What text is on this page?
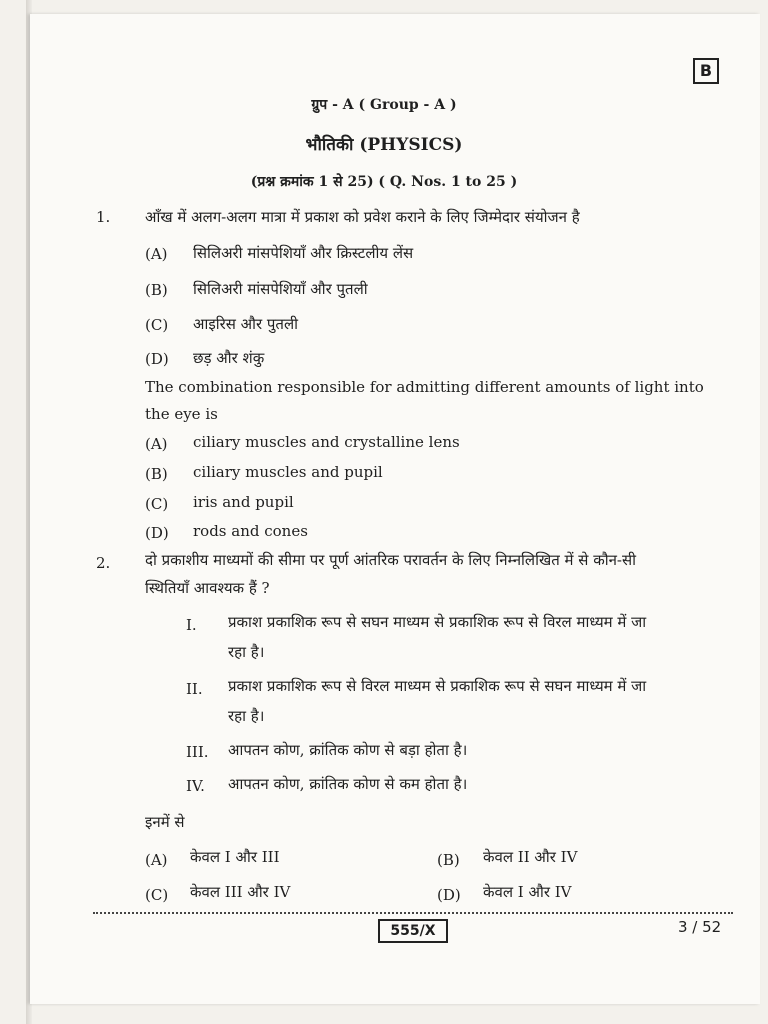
B
ग्रुप - A ( Group - A )
भौतिकी (PHYSICS)
(प्रश्न क्रमांक 1 से 25) ( Q. Nos. 1 to 25 )
1. आँख में अलग-अलग मात्रा में प्रकाश को प्रवेश कराने के लिए जिम्मेदार संयोजन है
(A) सिलिअरी मांसपेशियाँ और क्रिस्टलीय लेंस
(B) सिलिअरी मांसपेशियाँ और पुतली
(C) आइरिस और पुतली
(D) छड़ और शंकु
The combination responsible for admitting different amounts of light into
the eye is
(A) ciliary muscles and crystalline lens
(B) ciliary muscles and pupil
(C) iris and pupil
(D) rods and cones
2. दो प्रकाशीय माध्यमों की सीमा पर पूर्ण आंतरिक परावर्तन के लिए निम्नलिखित में से कौन-सी
स्थितियाँ आवश्यक हैं ?
I. प्रकाश प्रकाशिक रूप से सघन माध्यम से प्रकाशिक रूप से विरल माध्यम में जा
रहा है।
II. प्रकाश प्रकाशिक रूप से विरल माध्यम से प्रकाशिक रूप से सघन माध्यम में जा
रहा है।
III. आपतन कोण, क्रांतिक कोण से बड़ा होता है।
IV. आपतन कोण, क्रांतिक कोण से कम होता है।
इनमें से
(A) केवल I और III	(B) केवल II और IV
(C) केवल III और IV	(D) केवल I और IV
555/X	3 / 52
